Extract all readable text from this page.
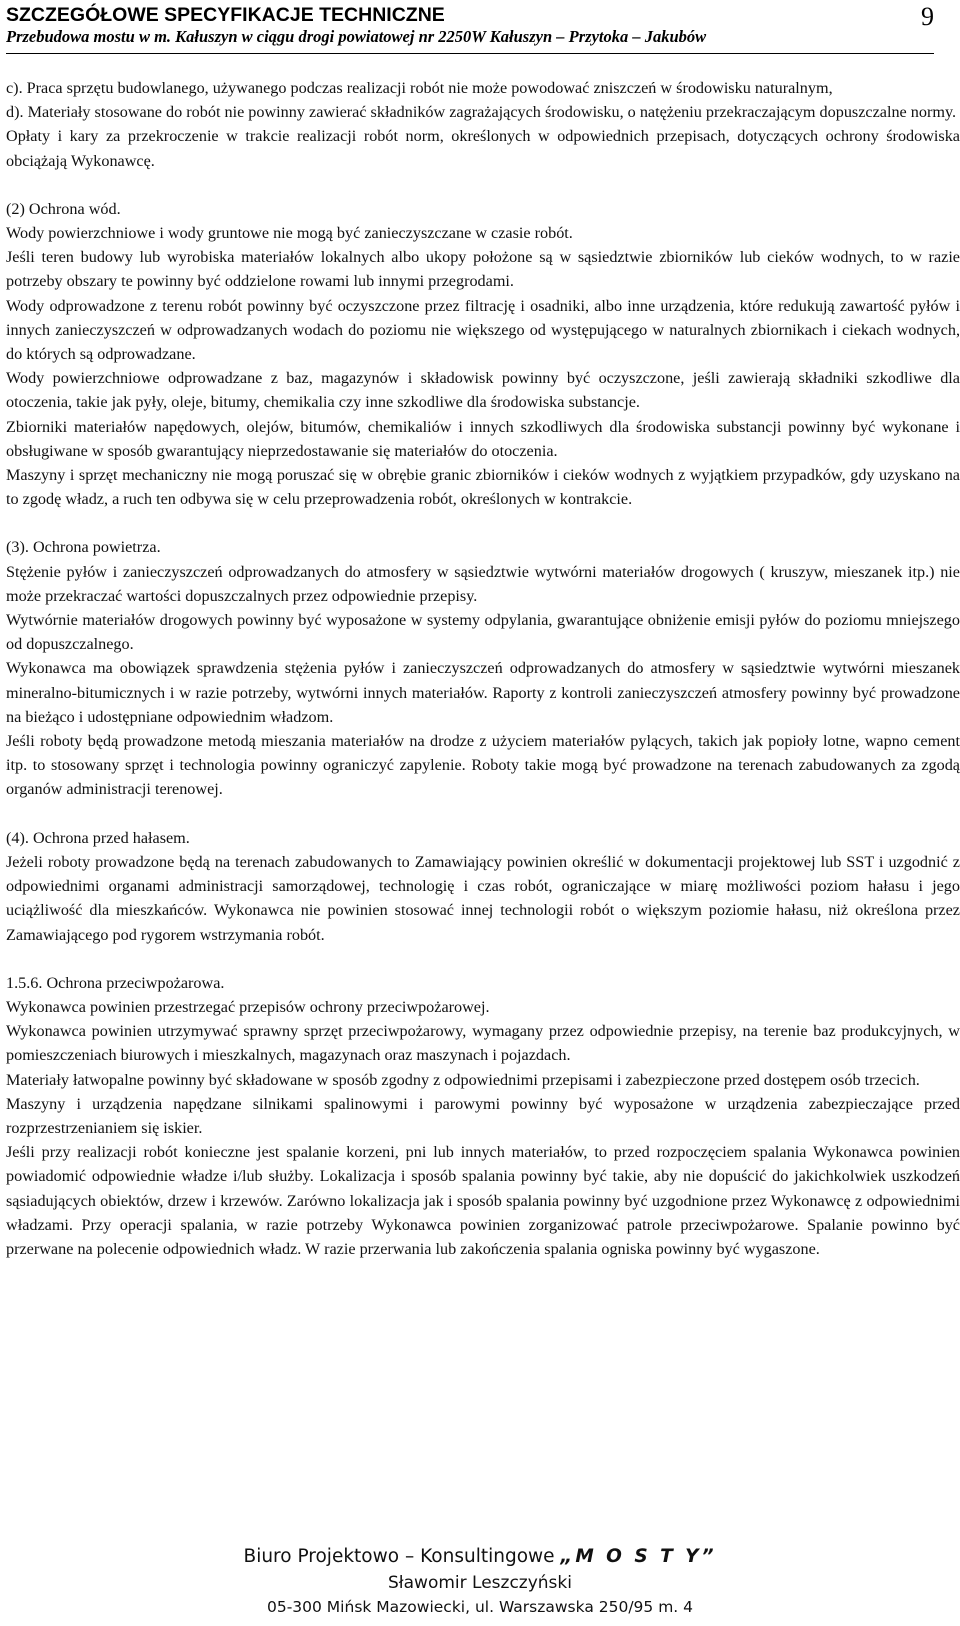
SZCZEGÓŁOWE SPECYFIKACJE TECHNICZNE	9
Przebudowa mostu w m. Kałuszyn w ciągu drogi powiatowej nr 2250W Kałuszyn – Przytoka – Jakubów

c). Praca sprzętu budowlanego, używanego podczas realizacji robót nie może powodować zniszczeń w środowisku naturalnym,

d). Materiały stosowane do robót nie powinny zawierać składników zagrażających środowisku, o natężeniu przekraczającym dopuszczalne normy.

Opłaty i kary za przekroczenie w trakcie realizacji robót norm, określonych w odpowiednich przepisach, dotyczących ochrony środowiska obciążają Wykonawcę.

(2) Ochrona wód.

Wody powierzchniowe i wody gruntowe nie mogą być zanieczyszczane w czasie robót.

Jeśli teren budowy lub wyrobiska materiałów lokalnych albo ukopy położone są w sąsiedztwie zbiorników lub cieków wodnych, to w razie potrzeby obszary te powinny być oddzielone rowami lub innymi przegrodami.

Wody odprowadzone z terenu robót powinny być oczyszczone przez filtrację i osadniki, albo inne urządzenia, które redukują zawartość pyłów i innych zanieczyszczeń w odprowadzanych wodach do poziomu nie większego od występującego w naturalnych zbiornikach i ciekach wodnych, do których są odprowadzane.

Wody powierzchniowe odprowadzane z baz, magazynów i składowisk powinny być oczyszczone, jeśli zawierają składniki szkodliwe dla otoczenia, takie jak pyły, oleje, bitumy, chemikalia czy inne szkodliwe dla środowiska substancje.

Zbiorniki materiałów napędowych, olejów, bitumów, chemikaliów i innych szkodliwych dla środowiska substancji powinny być wykonane i obsługiwane w sposób gwarantujący nieprzedostawanie się materiałów do otoczenia.

Maszyny i sprzęt mechaniczny nie mogą poruszać się w obrębie granic zbiorników i cieków wodnych z wyjątkiem przypadków, gdy uzyskano na to zgodę władz, a ruch ten odbywa się w celu przeprowadzenia robót, określonych w kontrakcie.

(3). Ochrona powietrza.

Stężenie pyłów i zanieczyszczeń odprowadzanych do atmosfery w sąsiedztwie wytwórni materiałów drogowych ( kruszyw, mieszanek itp.) nie może przekraczać wartości dopuszczalnych przez odpowiednie przepisy.

Wytwórnie materiałów drogowych powinny być wyposażone w systemy odpylania, gwarantujące obniżenie emisji pyłów do poziomu mniejszego od dopuszczalnego.

Wykonawca ma obowiązek sprawdzenia stężenia pyłów i zanieczyszczeń odprowadzanych do atmosfery w sąsiedztwie wytwórni mieszanek mineralno-bitumicznych i w razie potrzeby, wytwórni innych materiałów. Raporty z kontroli zanieczyszczeń atmosfery powinny być prowadzone na bieżąco i udostępniane odpowiednim władzom.

Jeśli roboty będą prowadzone metodą mieszania materiałów na drodze z użyciem materiałów pylących, takich jak popioły lotne, wapno cement itp. to stosowany sprzęt i technologia powinny ograniczyć zapylenie. Roboty takie mogą być prowadzone na terenach zabudowanych za zgodą organów administracji terenowej.

(4). Ochrona przed hałasem.

Jeżeli roboty prowadzone będą na terenach zabudowanych to Zamawiający powinien określić w dokumentacji projektowej lub SST i uzgodnić z odpowiednimi organami administracji samorządowej, technologię i czas robót, ograniczające w miarę możliwości poziom hałasu i jego uciążliwość dla mieszkańców. Wykonawca nie powinien stosować innej technologii robót o większym poziomie hałasu, niż określona przez Zamawiającego pod rygorem wstrzymania robót.

1.5.6. Ochrona przeciwpożarowa.

Wykonawca powinien przestrzegać przepisów ochrony przeciwpożarowej.

Wykonawca powinien utrzymywać sprawny sprzęt przeciwpożarowy, wymagany przez odpowiednie przepisy, na terenie baz produkcyjnych, w pomieszczeniach biurowych i mieszkalnych, magazynach oraz maszynach i pojazdach.

Materiały łatwopalne powinny być składowane w sposób zgodny z odpowiednimi przepisami i zabezpieczone przed dostępem osób trzecich.

Maszyny i urządzenia napędzane silnikami spalinowymi i parowymi powinny być wyposażone w urządzenia zabezpieczające przed rozprzestrzenianiem się iskier.

Jeśli przy realizacji robót konieczne jest spalanie korzeni, pni lub innych materiałów, to przed rozpoczęciem spalania Wykonawca powinien powiadomić odpowiednie władze i/lub służby. Lokalizacja i sposób spalania powinny być takie, aby nie dopuścić do jakichkolwiek uszkodzeń sąsiadujących obiektów, drzew i krzewów. Zarówno lokalizacja jak i sposób spalania powinny być uzgodnione przez Wykonawcę z odpowiednimi władzami. Przy operacji spalania, w razie potrzeby Wykonawca powinien zorganizować patrole przeciwpożarowe. Spalanie powinno być przerwane na polecenie odpowiednich władz. W razie przerwania lub zakończenia spalania ogniska powinny być wygaszone.

Biuro Projektowo – Konsultingowe „M O S T Y”
Sławomir Leszczyński
05-300 Mińsk Mazowiecki, ul. Warszawska 250/95 m. 4
